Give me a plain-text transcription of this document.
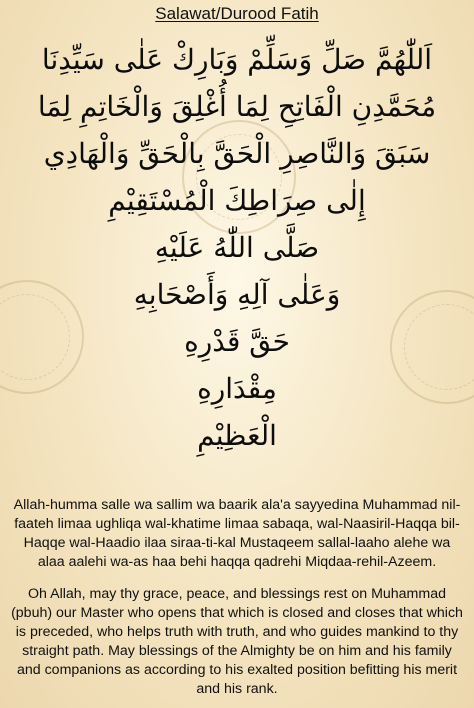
Salawat/Durood Fatih
اَللّٰهُمَّ صَلِّ وَسَلِّمْ وَبَارِكْ عَلٰى سَيِّدِنَا
مُحَمَّدِنِ الْفَاتِحِ لِمَا أُغْلِقَ وَالْخَاتِمِ لِمَا
سَبَقَ وَالنَّاصِرِ الْحَقَّ بِالْحَقِّ وَالْهَادِي
إِلٰى صِرَاطِكَ الْمُسْتَقِيْمِ
صَلَّى اللّٰهُ عَلَيْهِ
وَعَلٰى آلِهِ وَأَصْحَابِهِ
حَقَّ قَدْرِهِ
مِقْدَارِهِ
الْعَظِيْمِ
Allah-humma salle wa sallim wa baarik ala'a sayyedina Muhammad nil-faateh limaa ughliqa wal-khatime limaa sabaqa, wal-Naasiril-Haqqa bil-Haqqe wal-Haadio ilaa siraa-ti-kal Mustaqeem sallal-laaho alehe wa alaa aalehi wa-as haa behi haqqa qadrehi Miqdaa-rehil-Azeem.
Oh Allah, may thy grace, peace, and blessings rest on Muhammad (pbuh) our Master who opens that which is closed and closes that which is preceded, who helps truth with truth, and who guides mankind to thy straight path. May blessings of the Almighty be on him and his family and companions as according to his exalted position befitting his merit and his rank.
